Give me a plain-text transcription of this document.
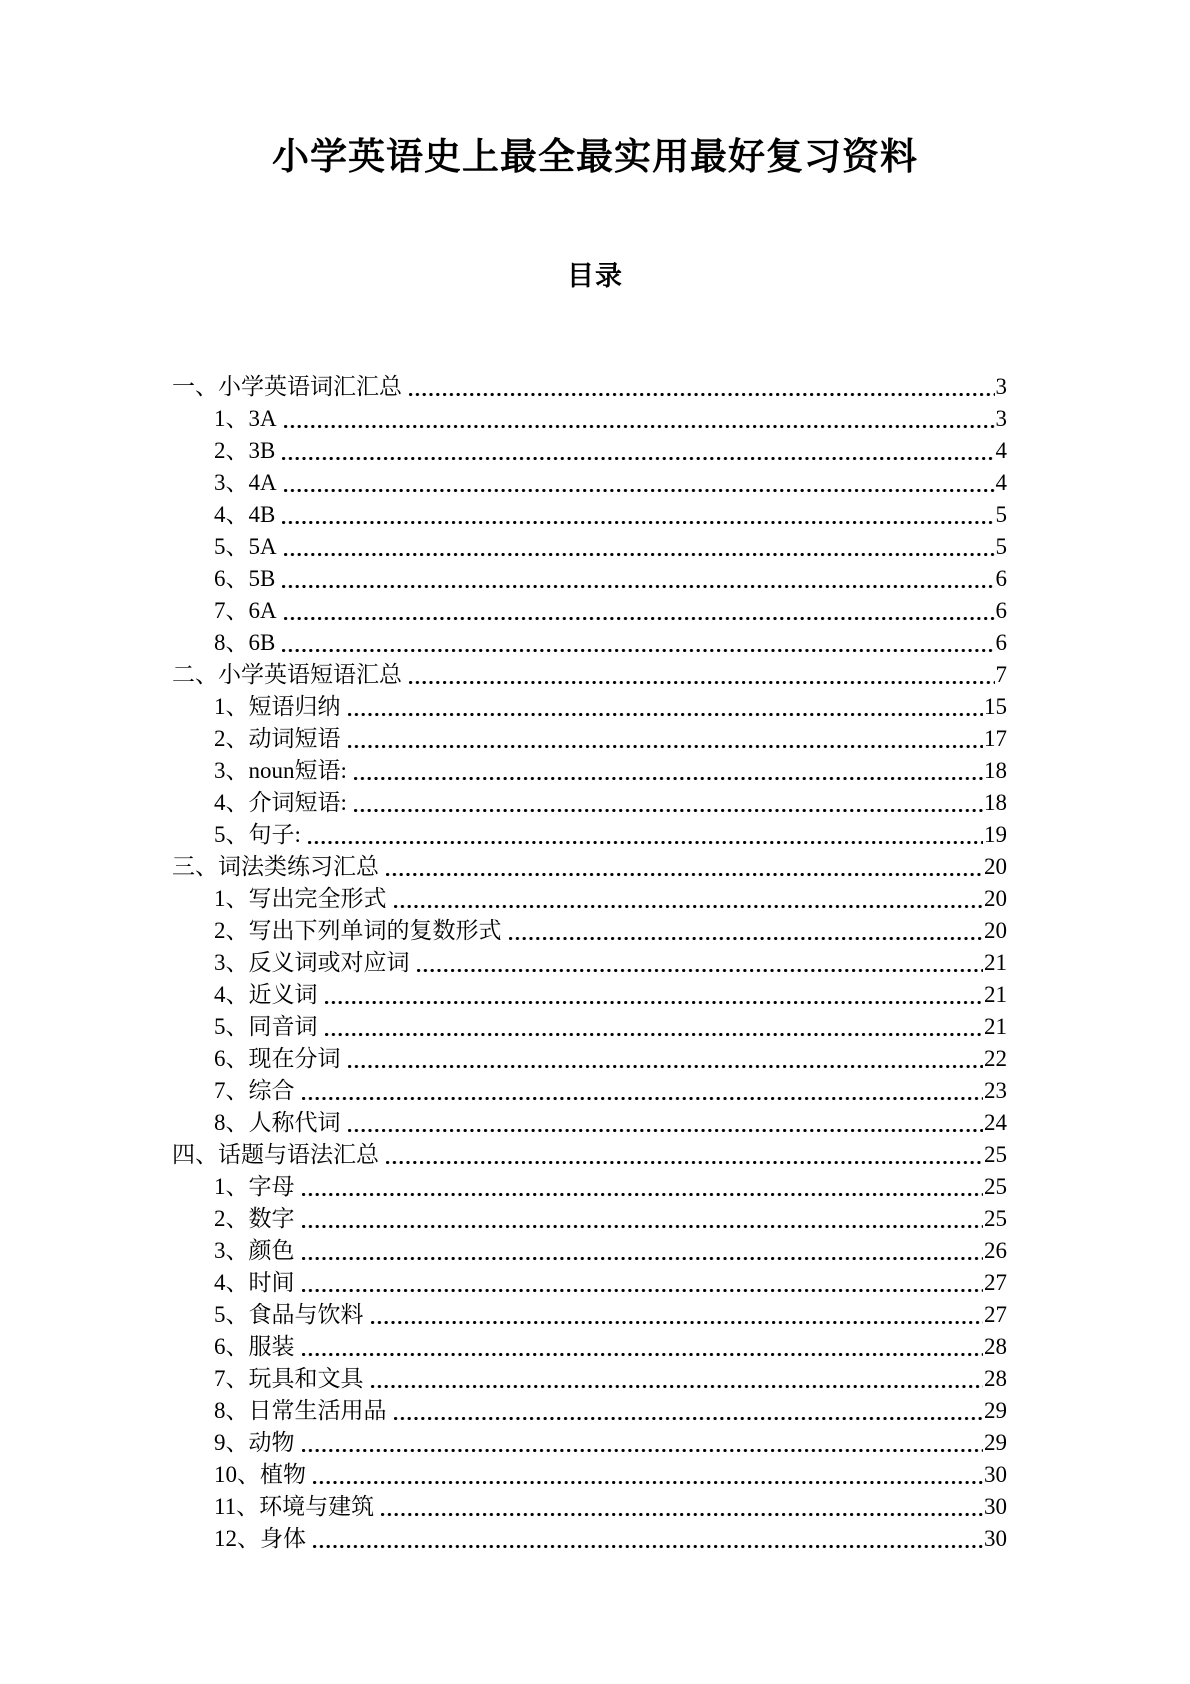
小学英语史上最全最实用最好复习资料
目录
一、小学英语词汇汇总	3
1、3A	3
2、3B	4
3、4A	4
4、4B	5
5、5A	5
6、5B	6
7、6A	6
8、6B	6
二、小学英语短语汇总	7
1、短语归纳	15
2、动词短语	17
3、noun短语:	18
4、介词短语:	18
5、句子:	19
三、词法类练习汇总	20
1、写出完全形式	20
2、写出下列单词的复数形式	20
3、反义词或对应词	21
4、近义词	21
5、同音词	21
6、现在分词	22
7、综合	23
8、人称代词	24
四、话题与语法汇总	25
1、字母	25
2、数字	25
3、颜色	26
4、时间	27
5、食品与饮料	27
6、服装	28
7、玩具和文具	28
8、日常生活用品	29
9、动物	29
10、植物	30
11、环境与建筑	30
12、身体	30
